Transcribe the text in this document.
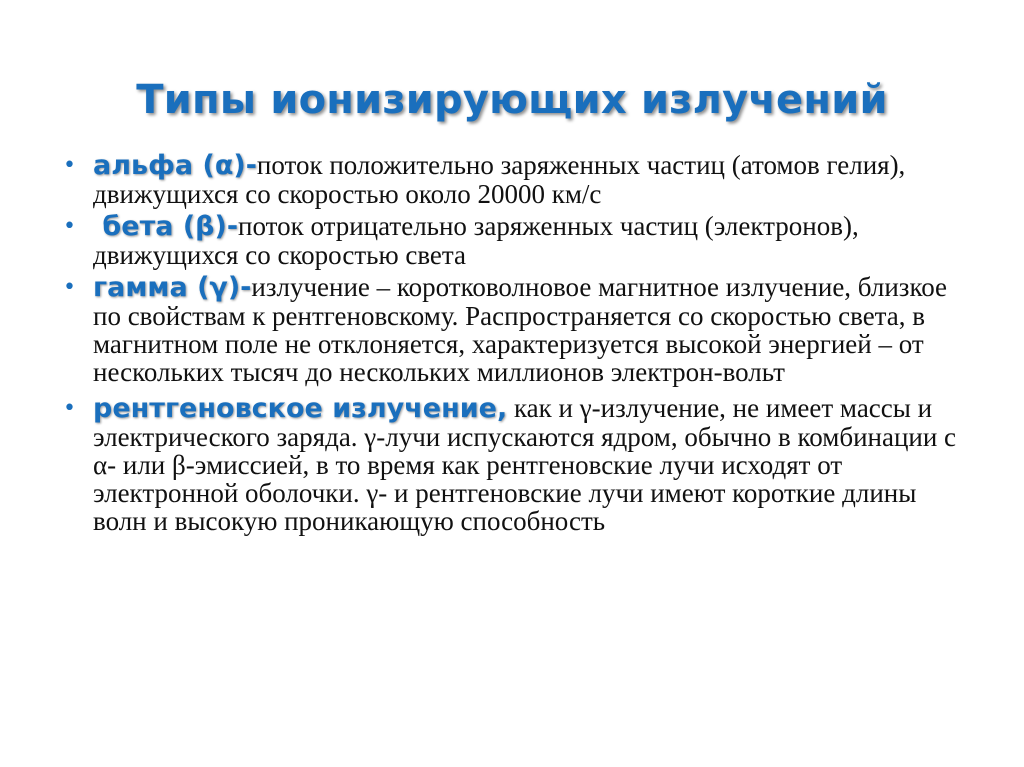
Типы ионизирующих излучений
• альфа (α)-поток положительно заряженных частиц (атомов гелия), движущихся со скоростью около 20000 км/с
• бета (β)-поток отрицательно заряженных частиц (электронов), движущихся со скоростью света
• гамма (γ)-излучение – коротковолновое магнитное излучение, близкое по свойствам к рентгеновскому. Распространяется со скоростью света, в магнитном поле не отклоняется, характеризуется высокой энергией – от нескольких тысяч до нескольких миллионов электрон-вольт
• рентгеновское излучение, как и γ-излучение, не имеет массы и электрического заряда. γ-лучи испускаются ядром, обычно в комбинации с α- или β-эмиссией, в то время как рентгеновские лучи исходят от электронной оболочки. γ- и рентгеновские лучи имеют короткие длины волн и высокую проникающую способность
